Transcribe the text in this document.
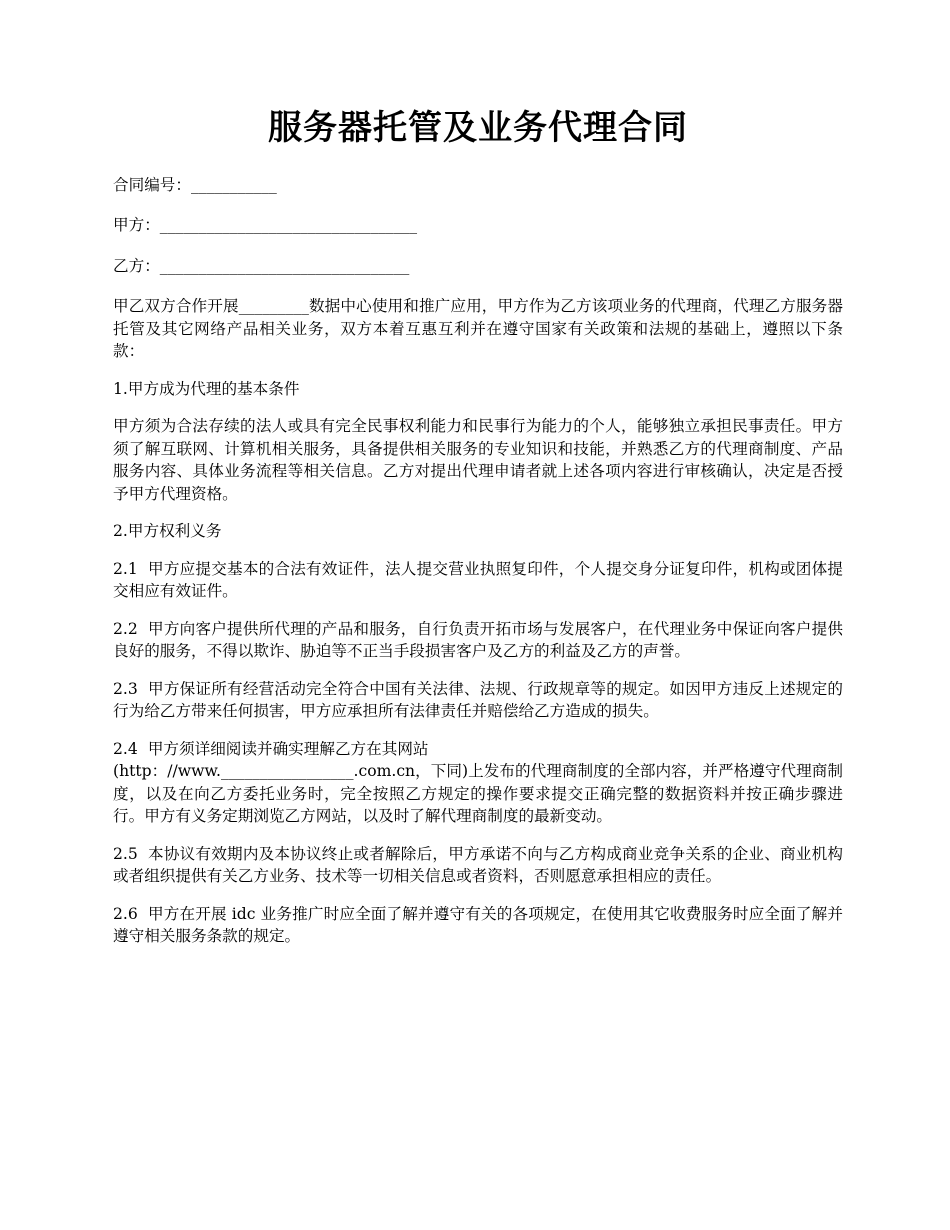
服务器托管及业务代理合同

合同编号：___________

甲方：_________________________________

乙方：________________________________

甲乙双方合作开展_________数据中心使用和推广应用，甲方作为乙方该项业务的代理商，代理乙方服务器托管及其它网络产品相关业务，双方本着互惠互利并在遵守国家有关政策和法规的基础上，遵照以下条款：

1.甲方成为代理的基本条件

甲方须为合法存续的法人或具有完全民事权利能力和民事行为能力的个人，能够独立承担民事责任。甲方须了解互联网、计算机相关服务，具备提供相关服务的专业知识和技能，并熟悉乙方的代理商制度、产品服务内容、具体业务流程等相关信息。乙方对提出代理申请者就上述各项内容进行审核确认，决定是否授予甲方代理资格。

2.甲方权利义务

2.1 甲方应提交基本的合法有效证件，法人提交营业执照复印件，个人提交身分证复印件，机构或团体提交相应有效证件。

2.2 甲方向客户提供所代理的产品和服务，自行负责开拓市场与发展客户，在代理业务中保证向客户提供良好的服务，不得以欺诈、胁迫等不正当手段损害客户及乙方的利益及乙方的声誉。

2.3 甲方保证所有经营活动完全符合中国有关法律、法规、行政规章等的规定。如因甲方违反上述规定的行为给乙方带来任何损害，甲方应承担所有法律责任并赔偿给乙方造成的损失。

2.4 甲方须详细阅读并确实理解乙方在其网站
(http：//www._________________.com.cn，下同)上发布的代理商制度的全部内容，并严格遵守代理商制度，以及在向乙方委托业务时，完全按照乙方规定的操作要求提交正确完整的数据资料并按正确步骤进行。甲方有义务定期浏览乙方网站，以及时了解代理商制度的最新变动。

2.5 本协议有效期内及本协议终止或者解除后，甲方承诺不向与乙方构成商业竞争关系的企业、商业机构或者组织提供有关乙方业务、技术等一切相关信息或者资料，否则愿意承担相应的责任。

2.6 甲方在开展 idc 业务推广时应全面了解并遵守有关的各项规定，在使用其它收费服务时应全面了解并遵守相关服务条款的规定。
